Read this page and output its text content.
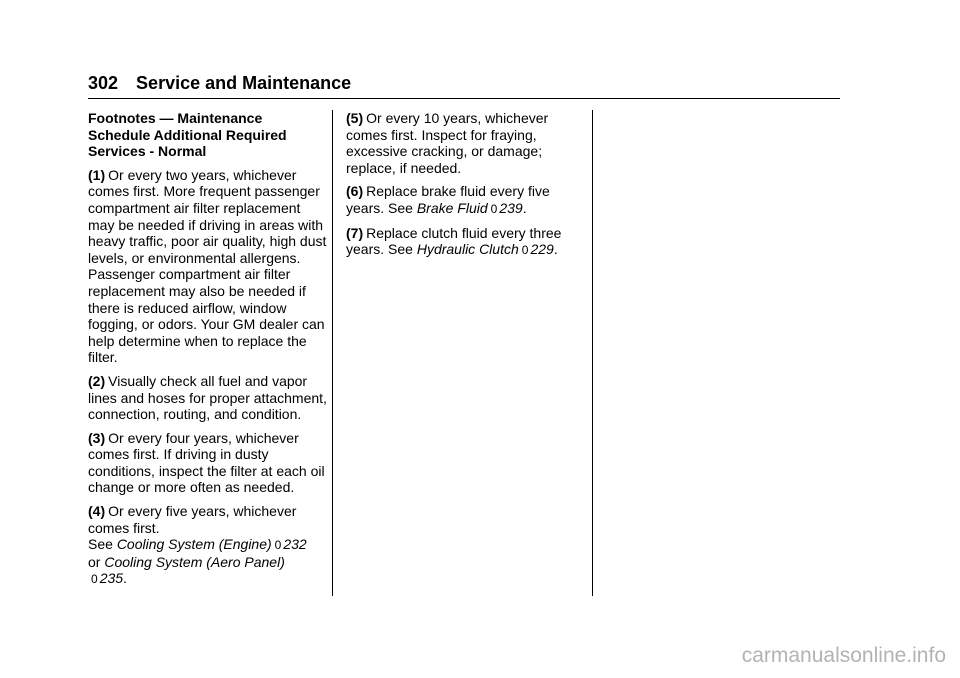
302 Service and Maintenance

Footnotes — Maintenance Schedule Additional Required Services - Normal

(1) Or every two years, whichever comes first. More frequent passenger compartment air filter replacement may be needed if driving in areas with heavy traffic, poor air quality, high dust levels, or environmental allergens. Passenger compartment air filter replacement may also be needed if there is reduced airflow, window fogging, or odors. Your GM dealer can help determine when to replace the filter.

(2) Visually check all fuel and vapor lines and hoses for proper attachment, connection, routing, and condition.

(3) Or every four years, whichever comes first. If driving in dusty conditions, inspect the filter at each oil change or more often as needed.

(4) Or every five years, whichever comes first.
See Cooling System (Engine) 0 232
or Cooling System (Aero Panel)
0 235.

(5) Or every 10 years, whichever comes first. Inspect for fraying, excessive cracking, or damage; replace, if needed.

(6) Replace brake fluid every five years. See Brake Fluid 0 239.

(7) Replace clutch fluid every three years. See Hydraulic Clutch 0 229.

carmanualsonline.info
